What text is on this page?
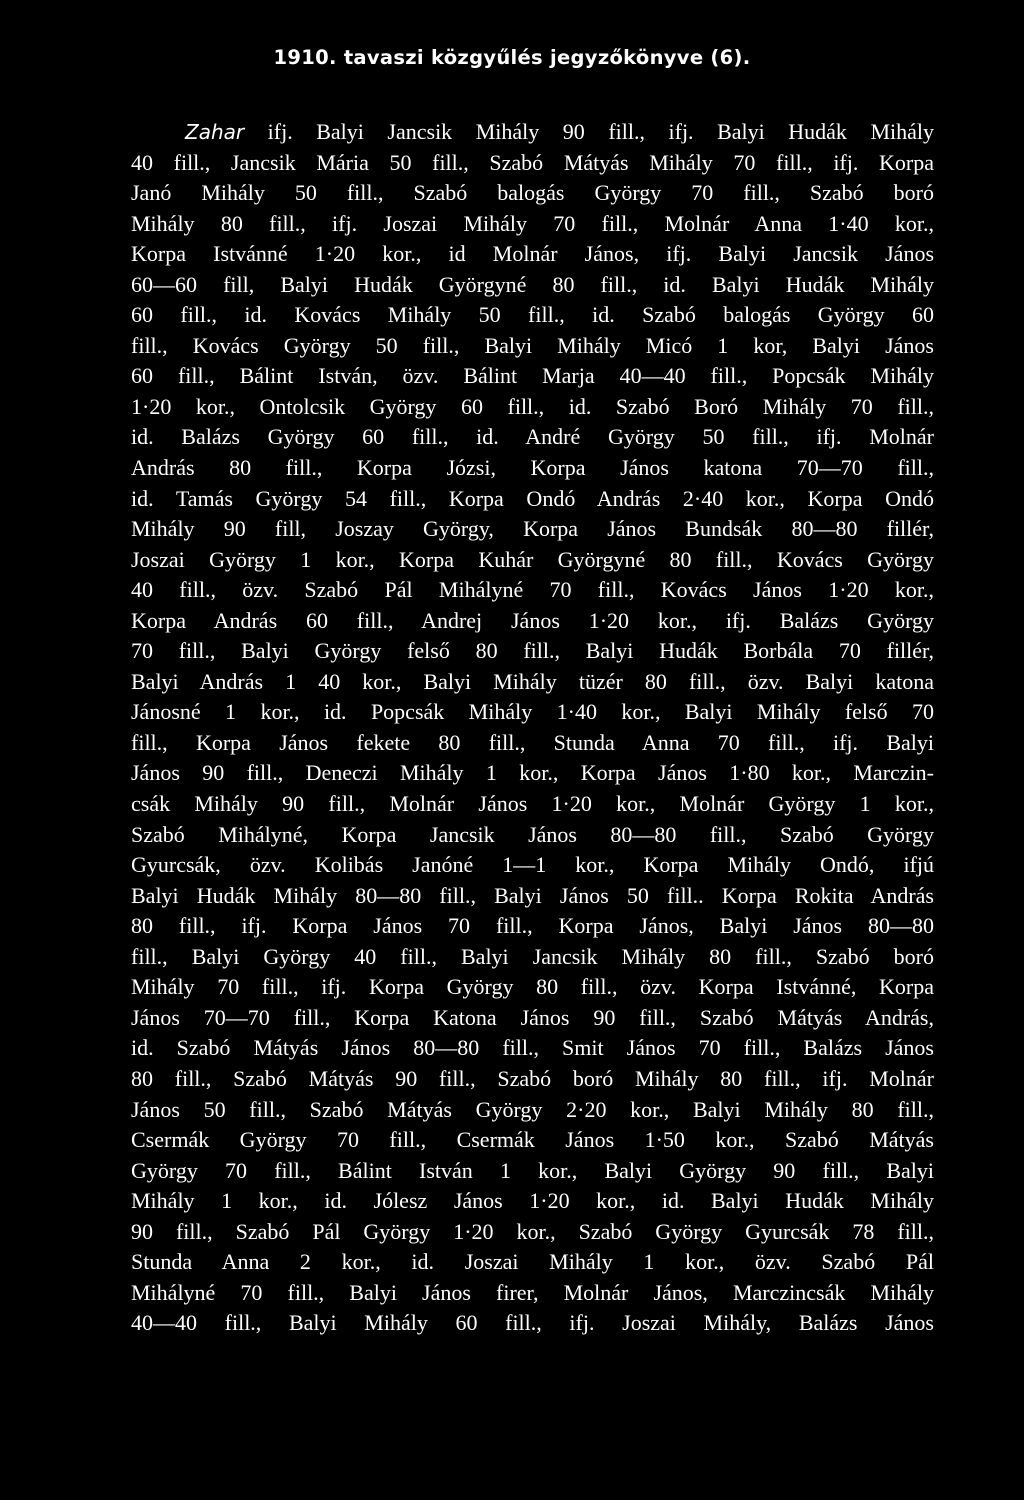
1910. tavaszi közgyűlés jegyzőkönyve (6).
Zahar ifj. Balyi Jancsik Mihály 90 fill., ifj. Balyi Hudák Mihály
40 fill., Jancsik Mária 50 fill., Szabó Mátyás Mihály 70 fill., ifj. Korpa
Janó Mihály 50 fill., Szabó balogás György 70 fill., Szabó boró
Mihály 80 fill., ifj. Joszai Mihály 70 fill., Molnár Anna 1·40 kor.,
Korpa Istvánné 1·20 kor., id Molnár János, ifj. Balyi Jancsik János
60—60 fill, Balyi Hudák Györgyné 80 fill., id. Balyi Hudák Mihály
60 fill., id. Kovács Mihály 50 fill., id. Szabó balogás György 60
fill., Kovács György 50 fill., Balyi Mihály Micó 1 kor, Balyi János
60 fill., Bálint István, özv. Bálint Marja 40—40 fill., Popcsák Mihály
1·20 kor., Ontolcsik György 60 fill., id. Szabó Boró Mihály 70 fill.,
id. Balázs György 60 fill., id. André György 50 fill., ifj. Molnár
András 80 fill., Korpa Józsi, Korpa János katona 70—70 fill.,
id. Tamás György 54 fill., Korpa Ondó András 2·40 kor., Korpa Ondó
Mihály 90 fill, Joszay György, Korpa János Bundsák 80—80 fillér,
Joszai György 1 kor., Korpa Kuhár Györgyné 80 fill., Kovács György
40 fill., özv. Szabó Pál Mihályné 70 fill., Kovács János 1·20 kor.,
Korpa András 60 fill., Andrej János 1·20 kor., ifj. Balázs György
70 fill., Balyi György felső 80 fill., Balyi Hudák Borbála 70 fillér,
Balyi András 1 40 kor., Balyi Mihály tüzér 80 fill., özv. Balyi katona
Jánosné 1 kor., id. Popcsák Mihály 1·40 kor., Balyi Mihály felső 70
fill., Korpa János fekete 80 fill., Stunda Anna 70 fill., ifj. Balyi
János 90 fill., Deneczi Mihály 1 kor., Korpa János 1·80 kor., Marczin-
csák Mihály 90 fill., Molnár János 1·20 kor., Molnár György 1 kor.,
Szabó Mihályné, Korpa Jancsik János 80—80 fill., Szabó György
Gyurcsák, özv. Kolibás Janóné 1—1 kor., Korpa Mihály Ondó, ifjú
Balyi Hudák Mihály 80—80 fill., Balyi János 50 fill.. Korpa Rokita András
80 fill., ifj. Korpa János 70 fill., Korpa János, Balyi János 80—80
fill., Balyi György 40 fill., Balyi Jancsik Mihály 80 fill., Szabó boró
Mihály 70 fill., ifj. Korpa György 80 fill., özv. Korpa Istvánné, Korpa
János 70—70 fill., Korpa Katona János 90 fill., Szabó Mátyás András,
id. Szabó Mátyás János 80—80 fill., Smit János 70 fill., Balázs János
80 fill., Szabó Mátyás 90 fill., Szabó boró Mihály 80 fill., ifj. Molnár
János 50 fill., Szabó Mátyás György 2·20 kor., Balyi Mihály 80 fill.,
Csermák György 70 fill., Csermák János 1·50 kor., Szabó Mátyás
György 70 fill., Bálint István 1 kor., Balyi György 90 fill., Balyi
Mihály 1 kor., id. Jólesz János 1·20 kor., id. Balyi Hudák Mihály
90 fill., Szabó Pál György 1·20 kor., Szabó György Gyurcsák 78 fill.,
Stunda Anna 2 kor., id. Joszai Mihály 1 kor., özv. Szabó Pál
Mihályné 70 fill., Balyi János firer, Molnár János, Marczincsák Mihály
40—40 fill., Balyi Mihály 60 fill., ifj. Joszai Mihály, Balázs János
